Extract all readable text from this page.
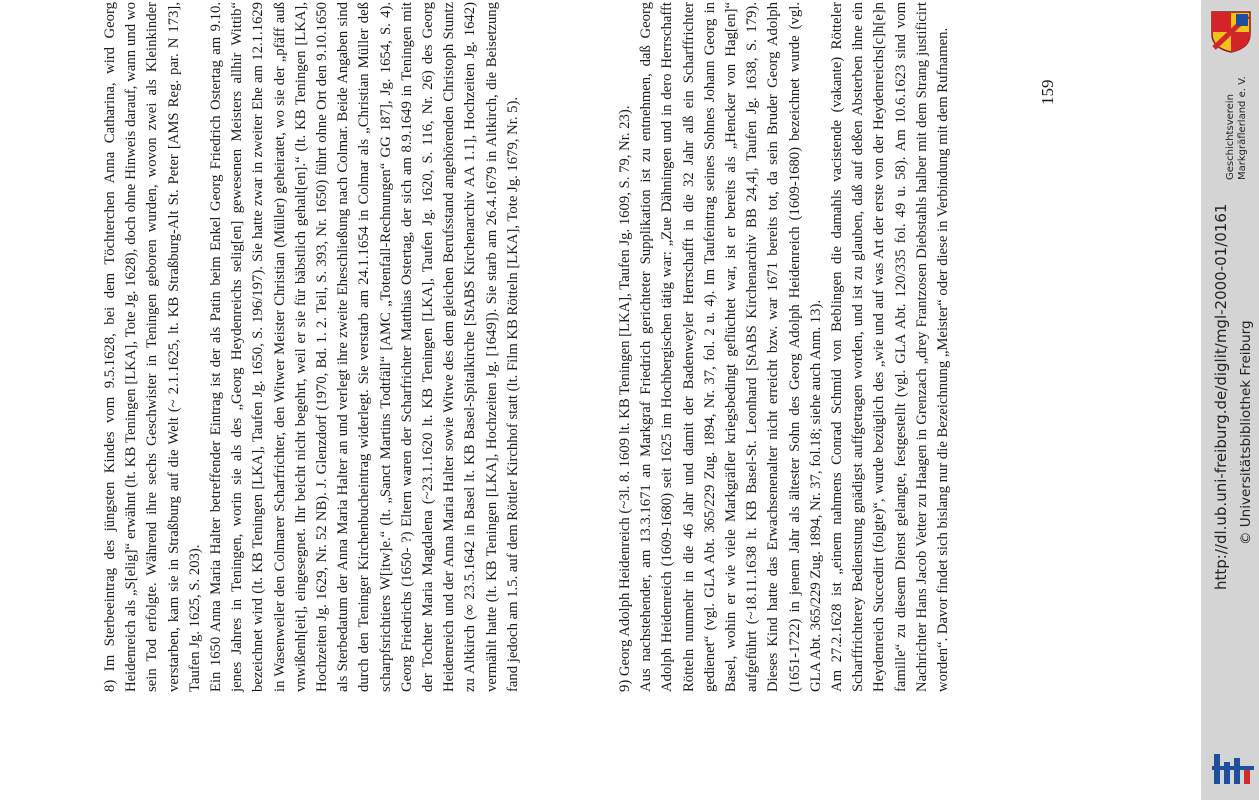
8) Im Sterbeeintrag des jüngsten Kindes vom 9.5.1628, bei dem Töchterchen Anna Catharina, wird Georg Heidenreich als „S[elig]“ erwähnt (lt. KB Teningen [LKA], Tote Jg. 1628), doch ohne Hinweis darauf, wann und wo sein Tod erfolgte. Während ihre sechs Geschwister in Teningen geboren wurden, wovon zwei als Kleinkinder verstarben, kam sie in Straßburg auf die Welt (~ 2.1.1625, lt. KB Straßburg-Alt St. Peter [AMS Reg. par. N 173], Taufen Jg. 1625, S. 203). Ein 1650 Anna Maria Halter betreffender Eintrag ist der als Patin beim Enkel Georg Friedrich Ostertag am 9.10. jenes Jahres in Teningen, worin sie als des „Georg Heydenreichs selig[en] gewesenen Meisters allhir Wittib“ bezeichnet wird (lt. KB Teningen [LKA], Taufen Jg. 1650, S. 196/197). Sie hatte zwar in zweiter Ehe am 12.1.1629 in Wasenweiler den Colmarer Scharfrichter, den Witwer Meister Christian (Müller) geheiratet, wo sie der „pfäff auß vnwißenh[eit], eingesegnet. Ihr beicht nicht begehrt, weil er sie für bäbstlich gehalt[en].“ (lt. KB Teningen [LKA], Hochzeiten Jg. 1629, Nr. 52 NB). J. Glenzdorf (1970, Bd. 1. 2. Teil, S. 393, Nr. 1650) führt ohne Ort den 9.10.1650 als Sterbedatum der Anna Maria Halter an und verlegt ihre zweite Eheschließung nach Colmar. Beide Angaben sind durch den Teninger Kirchenbucheintrag widerlegt. Sie verstarb am 24.1.1654 in Colmar als „Christian Müller deß scharpfsrichtiers W[itw]e.“ (lt. „Sanct Martins Todtfäll“ [AMC „Totenfall-Rechnungen“ GG 187], Jg. 1654, S. 4). Georg Friedrichs (1650- ?) Eltern waren der Scharfrichter Matthias Ostertag, der sich am 8.9.1649 in Teningen mit der Tochter Maria Magdalena (~23.1.1620 lt. KB Teningen [LKA], Taufen Jg. 1620, S. 116, Nr. 26) des Georg Heidenreich und der Anna Maria Halter sowie Witwe des dem gleichen Berufsstand angehörenden Christoph Stuntz zu Altkirch (∞ 23.5.1642 in Basel lt. KB Basel-Spitalkirche [StABS Kirchenarchiv AA 1.1], Hochzeiten Jg. 1642) vermählt hatte (lt. KB Teningen [LKA], Hochzeiten Jg. [1649]). Sie starb am 26.4.1679 in Altkirch, die Beisetzung fand jedoch am 1.5. auf dem Röttler Kirchhof statt (lt. Film KB Rötteln [LKA], Tote Jg. 1679, Nr. 5).	9) Georg Adolph Heidenreich (~3l. 8. 1609 lt. KB Teningen [LKA], Taufen Jg. 1609, S. 79, Nr. 23). Aus nachstehender, am 13.3.1671 an Markgraf Friedrich gerichteter Supplikation ist zu entnehmen, daß Georg Adolph Heidenreich (1609-1680) seit 1625 im Hochbergischen tätig war: „Zue Dähningen und in dero Herrschafft Rötteln nunmehr in die 46 Jahr und damit der Badenweyler Herrschafft in die 32 Jahr alß ein Scharffrichter gedienet“ (vgl. GLA Abt. 365/229 Zug. 1894, Nr. 37, fol. 2 u. 4). Im Taufeintrag seines Sohnes Johann Georg in Basel, wohin er wie viele Markgräfler kriegsbedingt geflüchtet war, ist er bereits als „Hencker von Hag[en]“ aufgeführt (~18.11.1638 lt. KB Basel-St. Leonhard [StABS Kirchenarchiv BB 24,4], Taufen Jg. 1638, S. 179). Dieses Kind hatte das Erwachsenenalter nicht erreicht bzw. war 1671 bereits tot, da sein Bruder Georg Adolph (1651-1722) in jenem Jahr als ältester Sohn des Georg Adolph Heidenreich (1609-1680) bezeichnet wurde (vgl. GLA Abt. 365/229 Zug. 1894, Nr. 37, fol.18; siehe auch Anm. 13). Am 27.2.1628 ist „einem nahmens Conrad Schmid von Beblingen die damahls vacistende (vakante) Rötteler Scharffrichterey Bedienstung gnädigst auffgetragen worden, und ist zu glauben, daß auf deßen Absterben ihne ein Heydenreich Succedirt (folgte)“, wurde bezüglich des „wie und auf was Art der erste von der Heydenreichs[c]h[e]n famille“ zu diesem Dienst gelangte, festgestellt (vgl. GLA Abt. 120/335 fol. 49 u. 58). Am 10.6.1623 sind vom Nachrichter Hans Jacob Vetter zu Haagen in Grenzach „drey Frantzosen Diebstahls halber mit dem Strang justificirt worden“. Davor findet sich bislang nur die Bezeichnung „Meister“ oder diese in Verbindung mit dem Rufnamen.	159
Geschichtsverein Markgräflerland e. V.
http://dl.ub.uni-freiburg.de/diglit/mgl-2000-01/0161 © Universitätsbibliothek Freiburg
